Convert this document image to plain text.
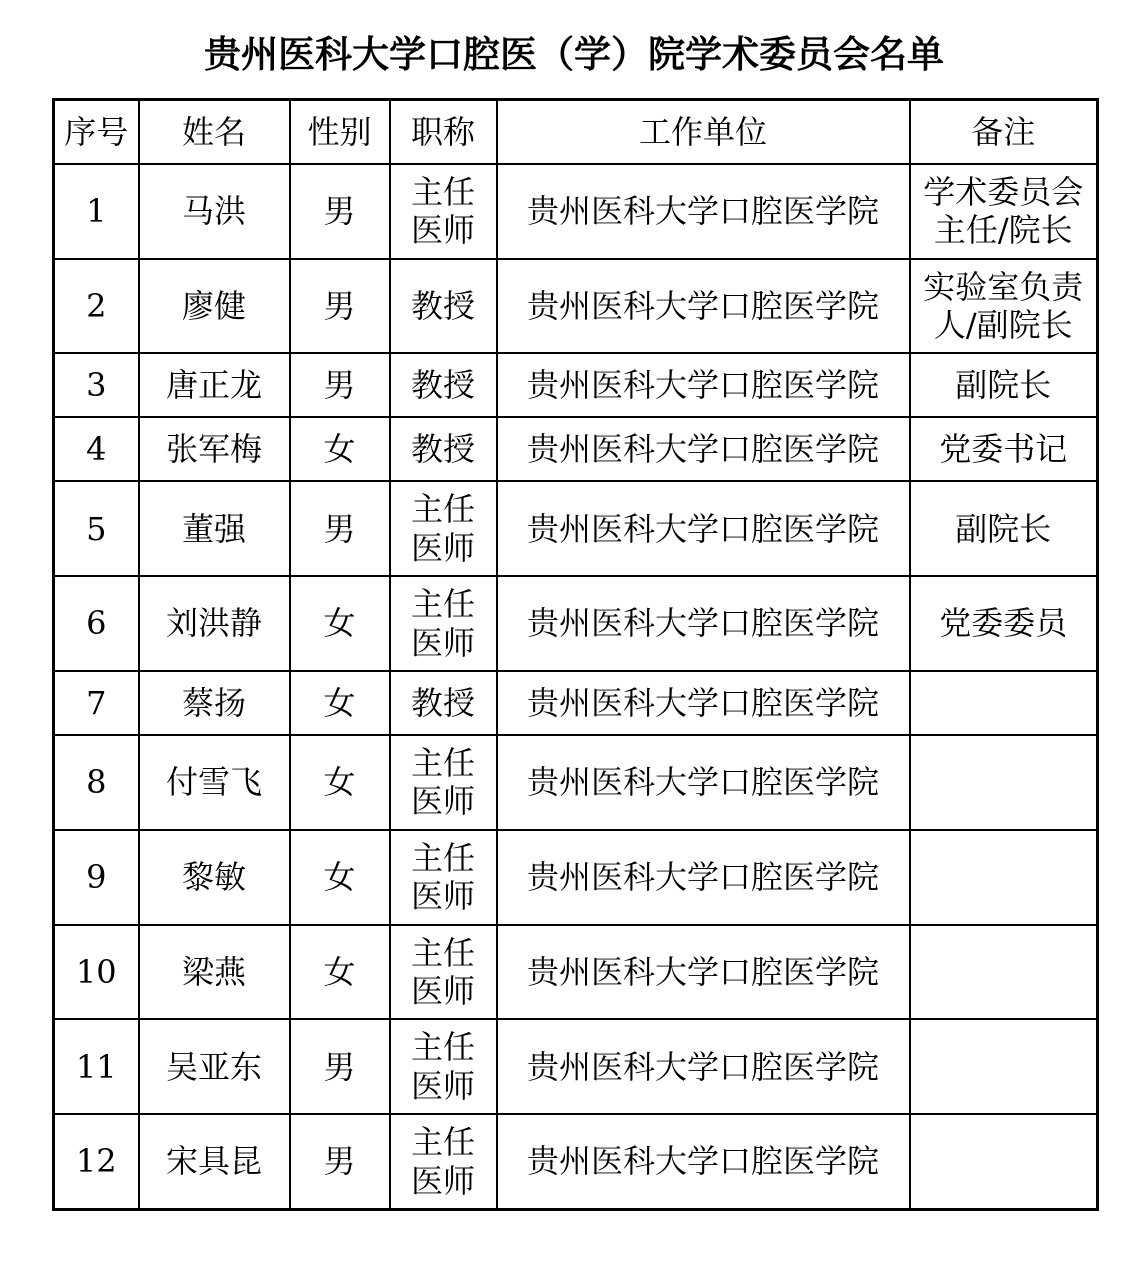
贵州医科大学口腔医（学）院学术委员会名单
序号	姓名	性别	职称	工作单位	备注
1	马洪	男	主任医师	贵州医科大学口腔医学院	学术委员会主任/院长
2	廖健	男	教授	贵州医科大学口腔医学院	实验室负责人/副院长
3	唐正龙	男	教授	贵州医科大学口腔医学院	副院长
4	张军梅	女	教授	贵州医科大学口腔医学院	党委书记
5	董强	男	主任医师	贵州医科大学口腔医学院	副院长
6	刘洪静	女	主任医师	贵州医科大学口腔医学院	党委委员
7	蔡扬	女	教授	贵州医科大学口腔医学院	
8	付雪飞	女	主任医师	贵州医科大学口腔医学院	
9	黎敏	女	主任医师	贵州医科大学口腔医学院	
10	梁燕	女	主任医师	贵州医科大学口腔医学院	
11	吴亚东	男	主任医师	贵州医科大学口腔医学院	
12	宋具昆	男	主任医师	贵州医科大学口腔医学院	
